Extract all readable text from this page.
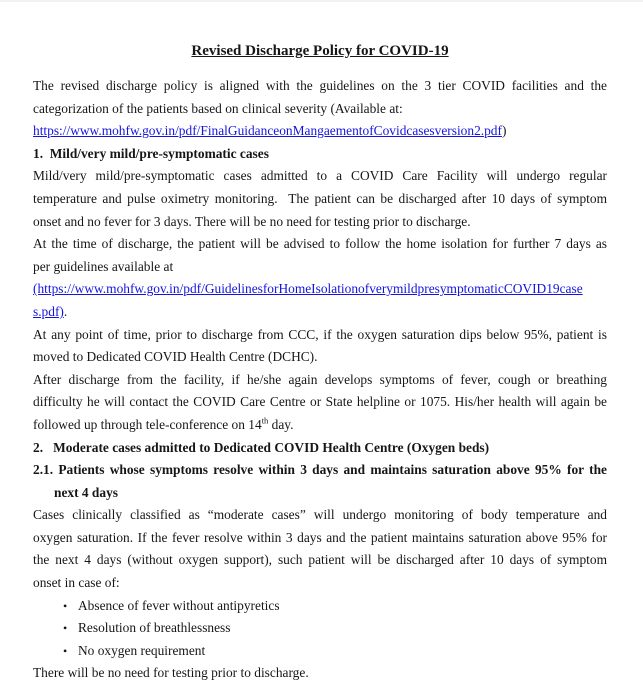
Revised Discharge Policy for COVID-19
The revised discharge policy is aligned with the guidelines on the 3 tier COVID facilities and the
categorization of the patients based on clinical severity (Available at:
https://www.mohfw.gov.in/pdf/FinalGuidanceonMangaementofCovidcasesversion2.pdf)
1.  Mild/very mild/pre-symptomatic cases
Mild/very mild/pre-symptomatic cases admitted to a COVID Care Facility will undergo regular
temperature and pulse oximetry monitoring.  The patient can be discharged after 10 days of symptom
onset and no fever for 3 days. There will be no need for testing prior to discharge.
At the time of discharge, the patient will be advised to follow the home isolation for further 7 days as
per guidelines available at
(https://www.mohfw.gov.in/pdf/GuidelinesforHomeIsolationofverymildpresymptomaticCOVID19case
s.pdf).
At any point of time, prior to discharge from CCC, if the oxygen saturation dips below 95%, patient is
moved to Dedicated COVID Health Centre (DCHC).
After discharge from the facility, if he/she again develops symptoms of fever, cough or breathing
difficulty he will contact the COVID Care Centre or State helpline or 1075. His/her health will again be
followed up through tele-conference on 14th day.
2.   Moderate cases admitted to Dedicated COVID Health Centre (Oxygen beds)
2.1. Patients whose symptoms resolve within 3 days and maintains saturation above 95% for the
next 4 days
Cases clinically classified as “moderate cases” will undergo monitoring of body temperature and
oxygen saturation. If the fever resolve within 3 days and the patient maintains saturation above 95% for
the next 4 days (without oxygen support), such patient will be discharged after 10 days of symptom
onset in case of:
• Absence of fever without antipyretics
• Resolution of breathlessness
• No oxygen requirement
There will be no need for testing prior to discharge.
